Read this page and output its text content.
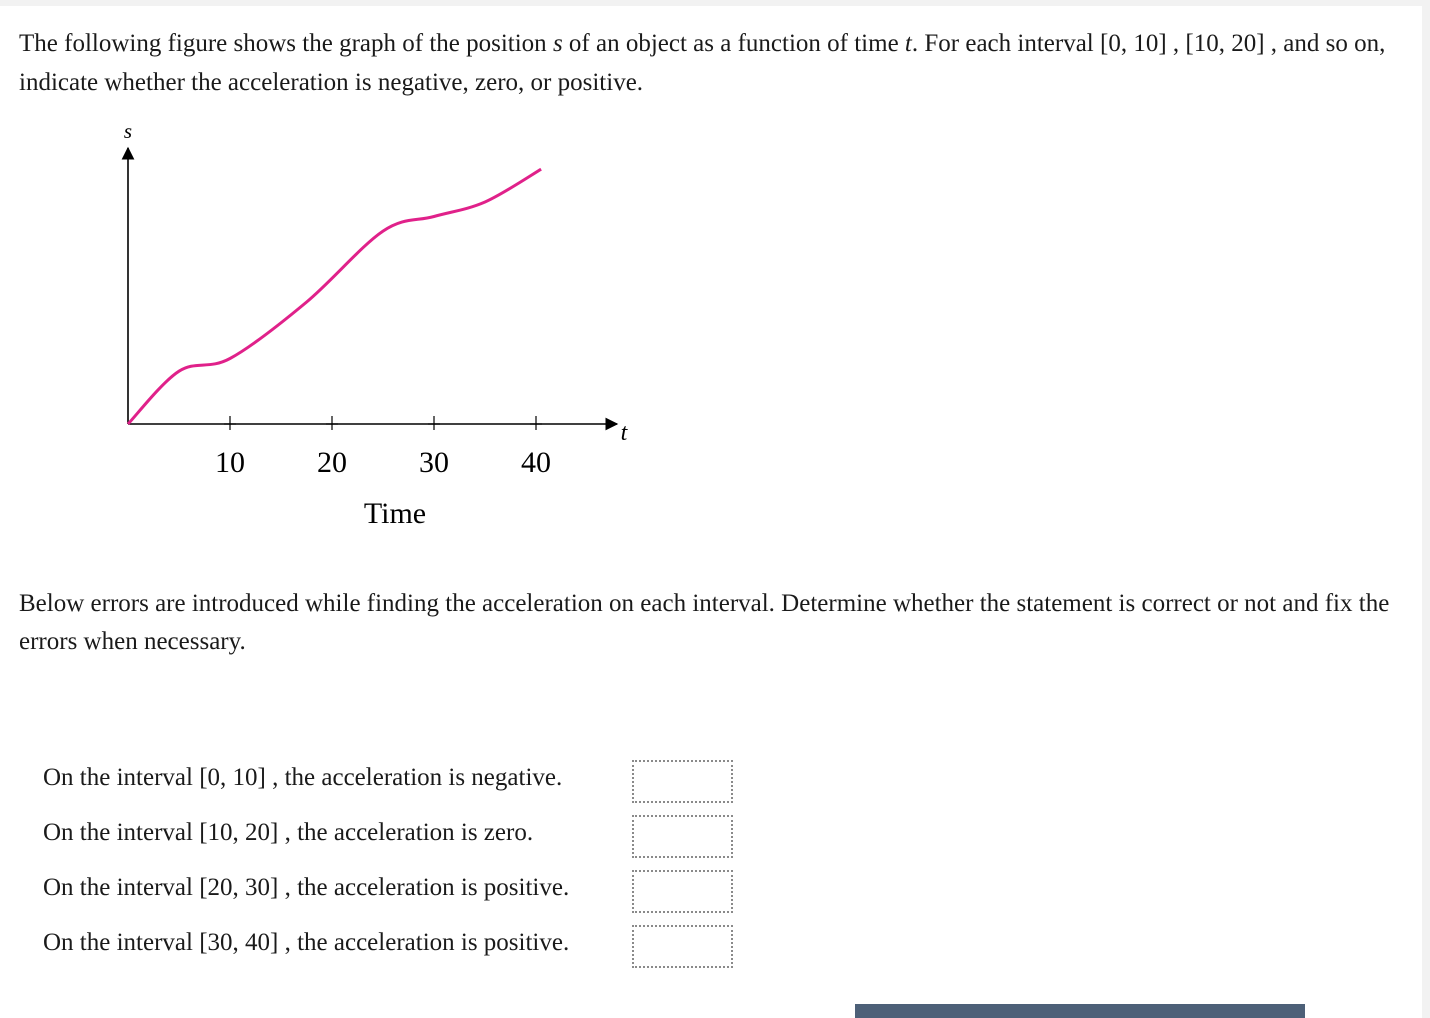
The following figure shows the graph of the position s of an object as a function of time t. For each interval [0, 10] , [10, 20] , and so on, indicate whether the acceleration is negative, zero, or positive.

s
t
10 20 30 40
Time

Below errors are introduced while finding the acceleration on each interval. Determine whether the statement is correct or not and fix the errors when necessary.

On the interval [0, 10] , the acceleration is negative.
On the interval [10, 20] , the acceleration is zero.
On the interval [20, 30] , the acceleration is positive.
On the interval [30, 40] , the acceleration is positive.
